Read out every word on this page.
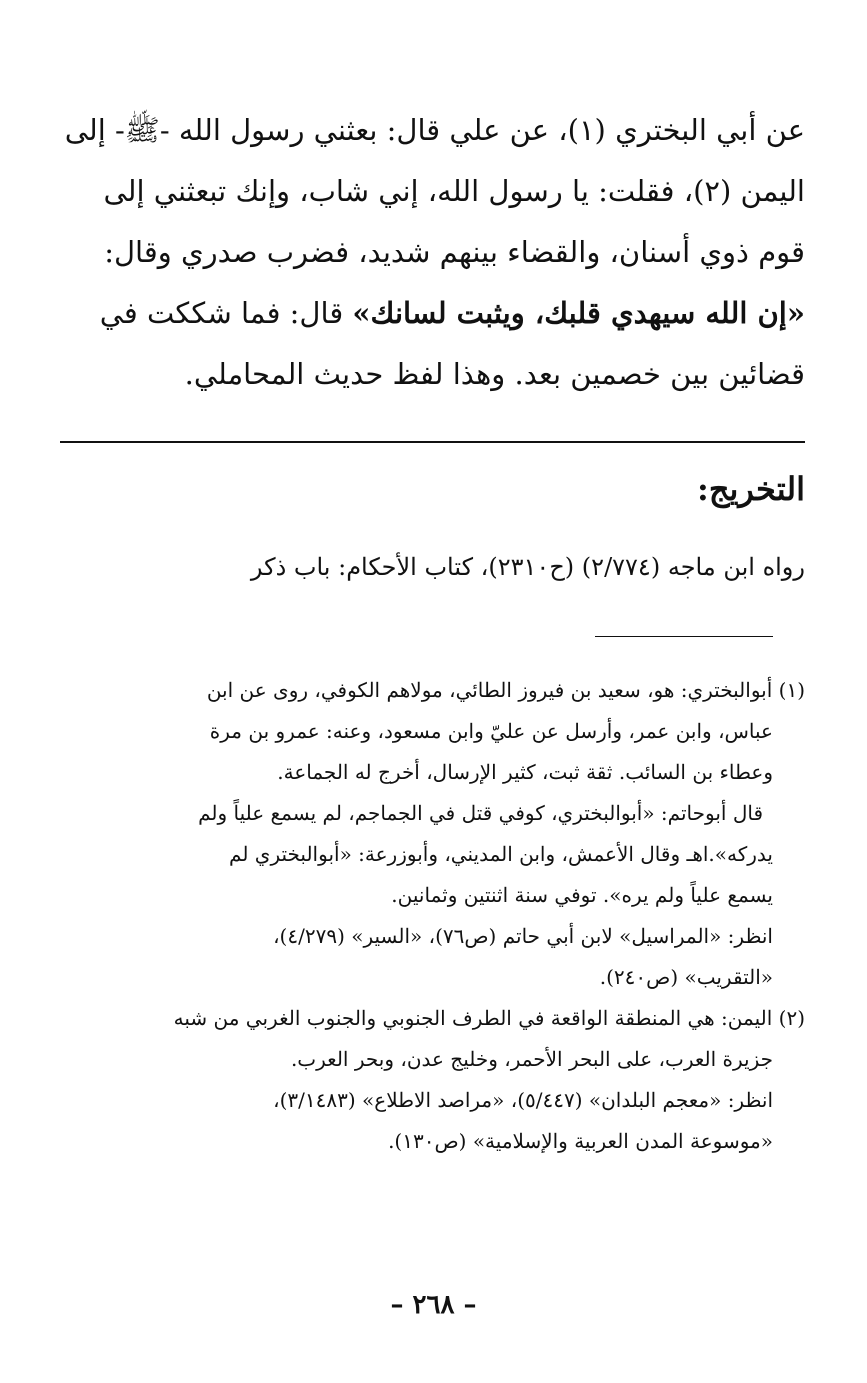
عن أبي البختري (١)، عن علي قال: بعثني رسول الله -ﷺ- إلى
اليمن (٢)، فقلت: يا رسول الله، إني شاب، وإنك تبعثني إلى
قوم ذوي أسنان، والقضاء بينهم شديد، فضرب صدري وقال:
«إن الله سيهدي قلبك، ويثبت لسانك» قال: فما شككت في
قضائين بين خصمين بعد. وهذا لفظ حديث المحاملي.
التخريج:
رواه ابن ماجه (٢/٧٧٤) (ح٢٣١٠)، كتاب الأحكام: باب ذكر
(١) أبوالبختري: هو، سعيد بن فيروز الطائي، مولاهم الكوفي، روى عن ابن
عباس، وابن عمر، وأرسل عن عليّ وابن مسعود، وعنه: عمرو بن مرة
وعطاء بن السائب. ثقة ثبت، كثير الإرسال، أخرج له الجماعة.
قال أبوحاتم: «أبوالبختري، كوفي قتل في الجماجم، لم يسمع علياً ولم
يدركه».اهـ وقال الأعمش، وابن المديني، وأبوزرعة: «أبوالبختري لم
يسمع علياً ولم يره». توفي سنة اثنتين وثمانين.
انظر: «المراسيل» لابن أبي حاتم (ص٧٦)، «السير» (٤/٢٧٩)،
«التقريب» (ص٢٤٠).
(٢) اليمن: هي المنطقة الواقعة في الطرف الجنوبي والجنوب الغربي من شبه
جزيرة العرب، على البحر الأحمر، وخليج عدن، وبحر العرب.
انظر: «معجم البلدان» (٥/٤٤٧)، «مراصد الاطلاع» (٣/١٤٨٣)،
«موسوعة المدن العربية والإسلامية» (ص١٣٠).
– ٢٦٨ –
